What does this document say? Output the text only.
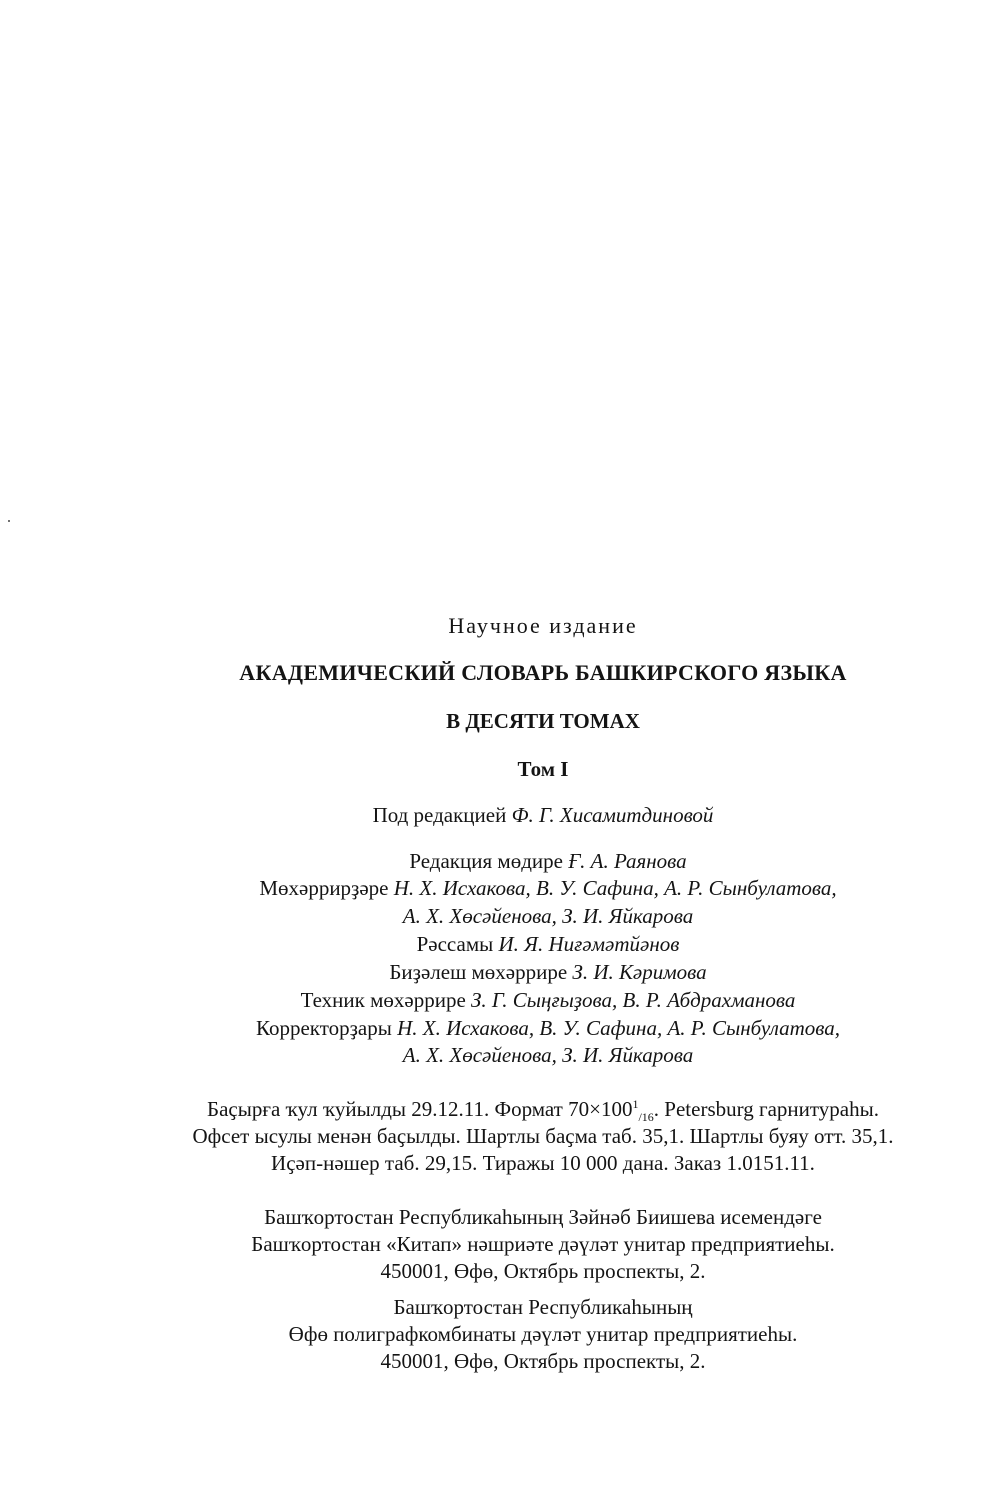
Научное издание
АКАДЕМИЧЕСКИЙ СЛОВАРЬ БАШКИРСКОГО ЯЗЫКА
В ДЕСЯТИ ТОМАХ
Том I
Под редакцией Ф. Г. Хисамитдиновой
Редакция мөдире Ғ. А. Раянова
Мөхәррирҙәре Н. Х. Исхакова, В. У. Сафина, А. Р. Сынбулатова,
А. Х. Хөсәйенова, З. И. Яйкарова
Рәссамы И. Я. Ниғәмәтйәнов
Биҙәлеш мөхәррире З. И. Кәримова
Техник мөхәррире З. Г. Сыңғыҙова, В. Р. Абдрахманова
Корректорҙары Н. Х. Исхакова, В. У. Сафина, А. Р. Сынбулатова,
А. Х. Хөсәйенова, З. И. Яйкарова
Баҫырға ҡул ҡуйылды 29.12.11. Формат $70\times 100^1_{/16}$. Petersburg гарнитураһы.
Офсет ысулы менән баҫылды. Шартлы баҫма таб. 35,1. Шартлы буяу отт. 35,1.
Иҫәп-нәшер таб. 29,15. Тиражы 10 000 дана. Заказ 1.0151.11.
Башҡортостан Республикаһының Зәйнәб Биишева исемендәге
Башҡортостан «Китап» нәшриәте дәүләт унитар предприятиеһы.
450001, Өфө, Октябрь проспекты, 2.
Башҡортостан Республикаһының
Өфө полиграфкомбинаты дәүләт унитар предприятиеһы.
450001, Өфө, Октябрь проспекты, 2.
